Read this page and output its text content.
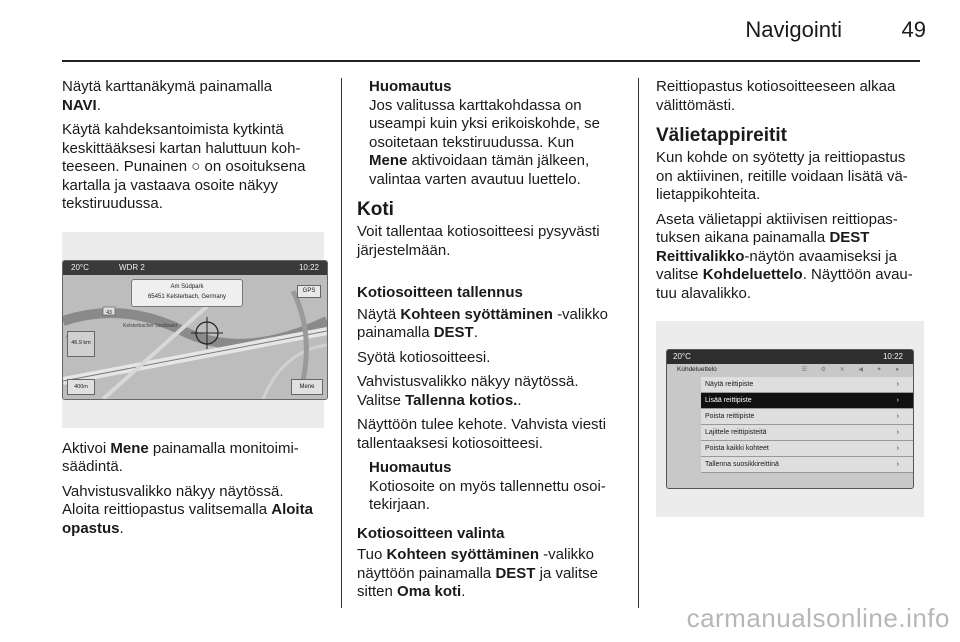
Navigointi	49

Näytä karttanäkymä painamalla
NAVI.

Käytä kahdeksantoimista kytkintä keskittääksesi kartan haluttuun koh-teeseen. Punainen ○ on osoituksena kartalla ja vastaava osoite näkyy tekstiruudussa.

43
Kelsterbacher Stadtwald
20°C	WDR 2	10:22
Am Südpark
65451 Kelsterbach, Germany
GPS
46.9 km
400m	Mene

Aktivoi Mene painamalla monitoimi-säädintä.

Vahvistusvalikko näkyy näytössä. Aloita reittiopastus valitsemalla Aloita opastus.

Huomautus
Jos valitussa karttakohdassa on useampi kuin yksi erikoiskohde, se osoitetaan tekstiruudussa. Kun
Mene aktivoidaan tämän jälkeen, valintaa varten avautuu luettelo.
Koti

Voit tallentaa kotiosoitteesi pysyvästi järjestelmään.

Kotiosoitteen tallennus

Näytä Kohteen syöttäminen -valikko painamalla DEST.

Syötä kotiosoitteesi.

Vahvistusvalikko näkyy näytössä. Valitse Tallenna kotios..

Näyttöön tulee kehote. Vahvista viesti tallentaaksesi kotiosoitteesi.

Huomautus
Kotiosoite on myös tallennettu osoi-tekirjaan.
Kotiosoitteen valinta

Tuo Kohteen syöttäminen -valikko näyttöön painamalla DEST ja valitse sitten Oma koti.

Reittiopastus kotiosoitteeseen alkaa välittömästi.

Välietappireitit

Kun kohde on syötetty ja reittiopastus on aktiivinen, reitille voidaan lisätä vä-lietappikohteita.

Aseta välietappi aktiivisen reittiopas-tuksen aikana painamalla DEST Reittivalikko-näytön avaamiseksi ja valitse Kohdeluettelo. Näyttöön avau-tuu alavalikko.

20°C	10:22
Kohdeluettelo	☰ ⚙ ✕ ◀ ✦ ●
Näytä reittipiste	›
Lisää reittipiste	›
Poista reittipiste	›
Lajittele reittipisteitä	›
Poista kaikki kohteet	›
Tallenna suosikkireittinä	›
carmanualsonline.info
